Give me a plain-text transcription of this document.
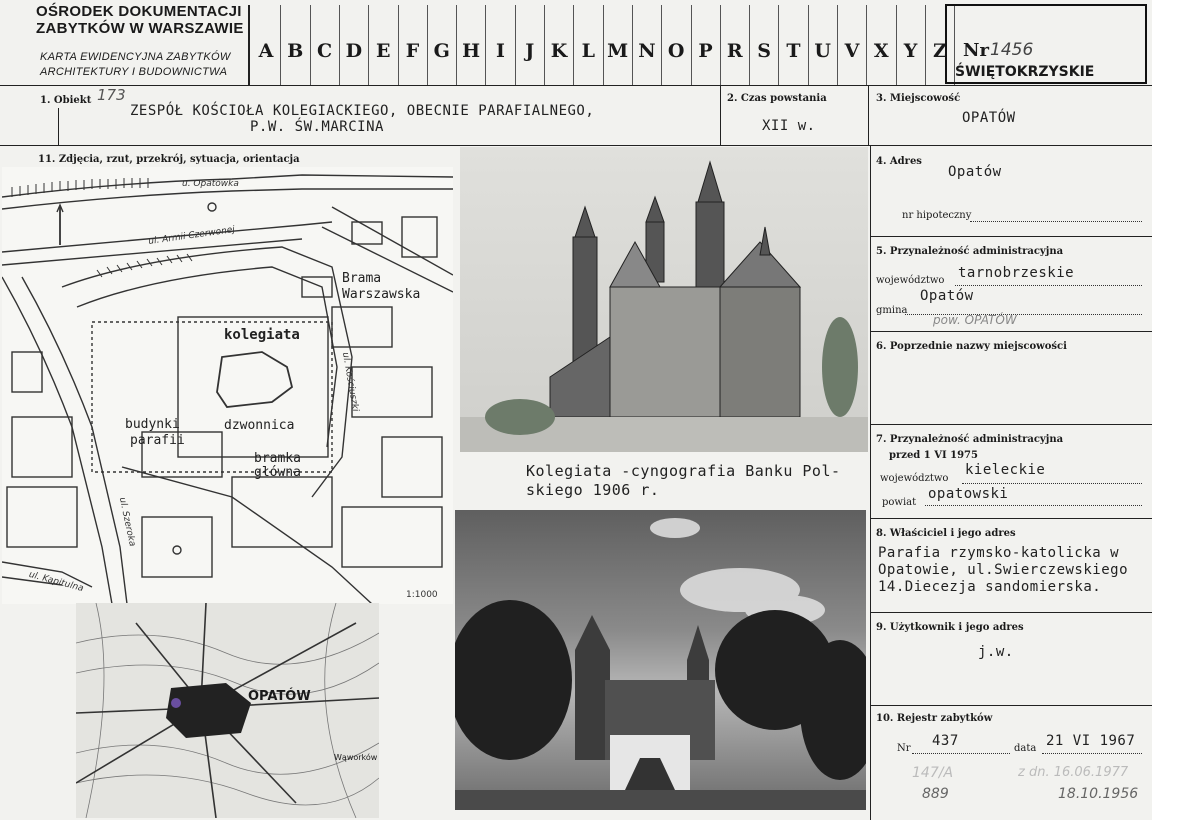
OŚRODEK DOKUMENTACJI
ZABYTKÓW W WARSZAWIE
KARTA EWIDENCYJNA ZABYTKÓW
ARCHITEKTURY I BUDOWNICTWA
A B C D E F G H I	J K L M N O P R S T U V X Y Z Nr 1456
ŚWIĘTOKRZYSKIE
1. Obiekt 173
ZESPÓŁ KOŚCIOŁA KOLEGIACKIEGO, OBECNIE PARAFIALNEGO,
P.W. ŚW.MARCINA
2. Czas powstania
XII w.
3. Miejscowość
OPATÓW
4. Adres
Opatów
nr hipoteczny
5. Przynależność administracyjna
województwo tarnobrzeskie
gmina
Opatów
pow. OPATÓW
6. Poprzednie nazwy miejscowości
7. Przynależność administracyjna
przed 1 VI 1975
województwo
kieleckie
powiat
opatowski
8. Właściciel i jego adres
Parafia rzymsko-katolicka w
Opatowie, ul.Swierczewskiego
14.Diecezja sandomierska.
9. Użytkownik i jego adres
j.w.
10. Rejestr zabytków
Nr 437	data 21 VI 1967
147/A	z dn. 16.06.1977
889	18.10.1956
11. Zdjęcia, rzut, przekrój, sytuacja, orientacja
kolegiata
Brama
Warszawska
budynki
parafii
dzwonnica
bramka
główna
u. Opatówka
ul. Armii Czerwonej
ul. Kościuszki
ul. Szeroka
ul. Kapitulna
1:1000
OPATÓW
Wąworków
Kolegiata -cyngografia Banku Pol-
skiego 1906 r.
